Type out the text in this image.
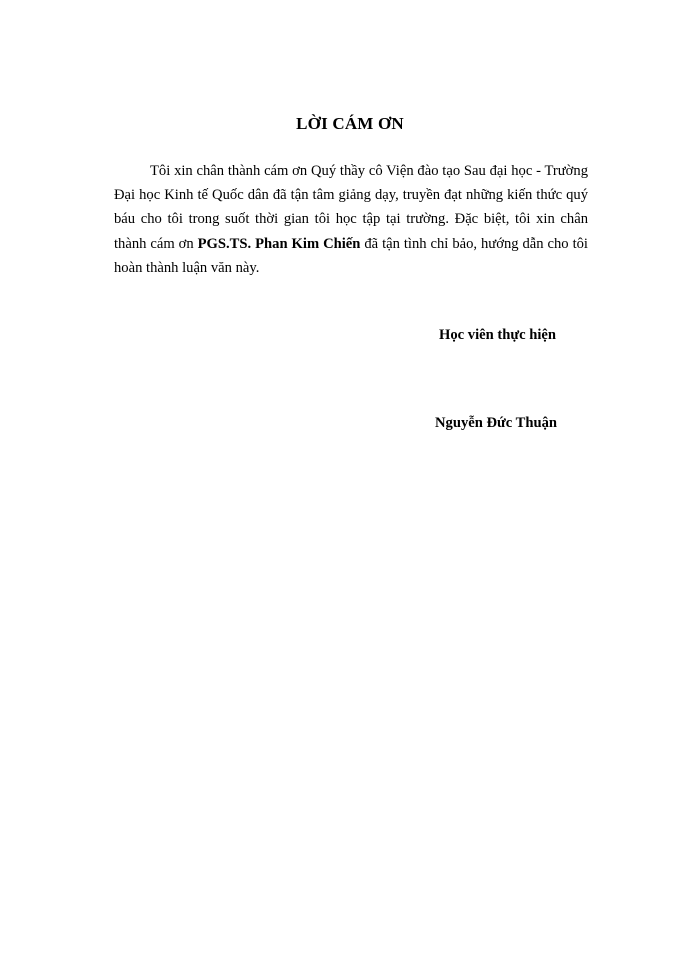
LỜI CÁM ƠN

Tôi xin chân thành cám ơn Quý thầy cô Viện đào tạo Sau đại học - Trường Đại học Kinh tế Quốc dân đã tận tâm giảng dạy, truyền đạt những kiến thức quý báu cho tôi trong suốt thời gian tôi học tập tại trường. Đặc biệt, tôi xin chân thành cám ơn PGS.TS. Phan Kim Chiến đã tận tình chỉ bảo, hướng dẫn cho tôi hoàn thành luận văn này.

Học viên thực hiện
Nguyễn Đức Thuận
